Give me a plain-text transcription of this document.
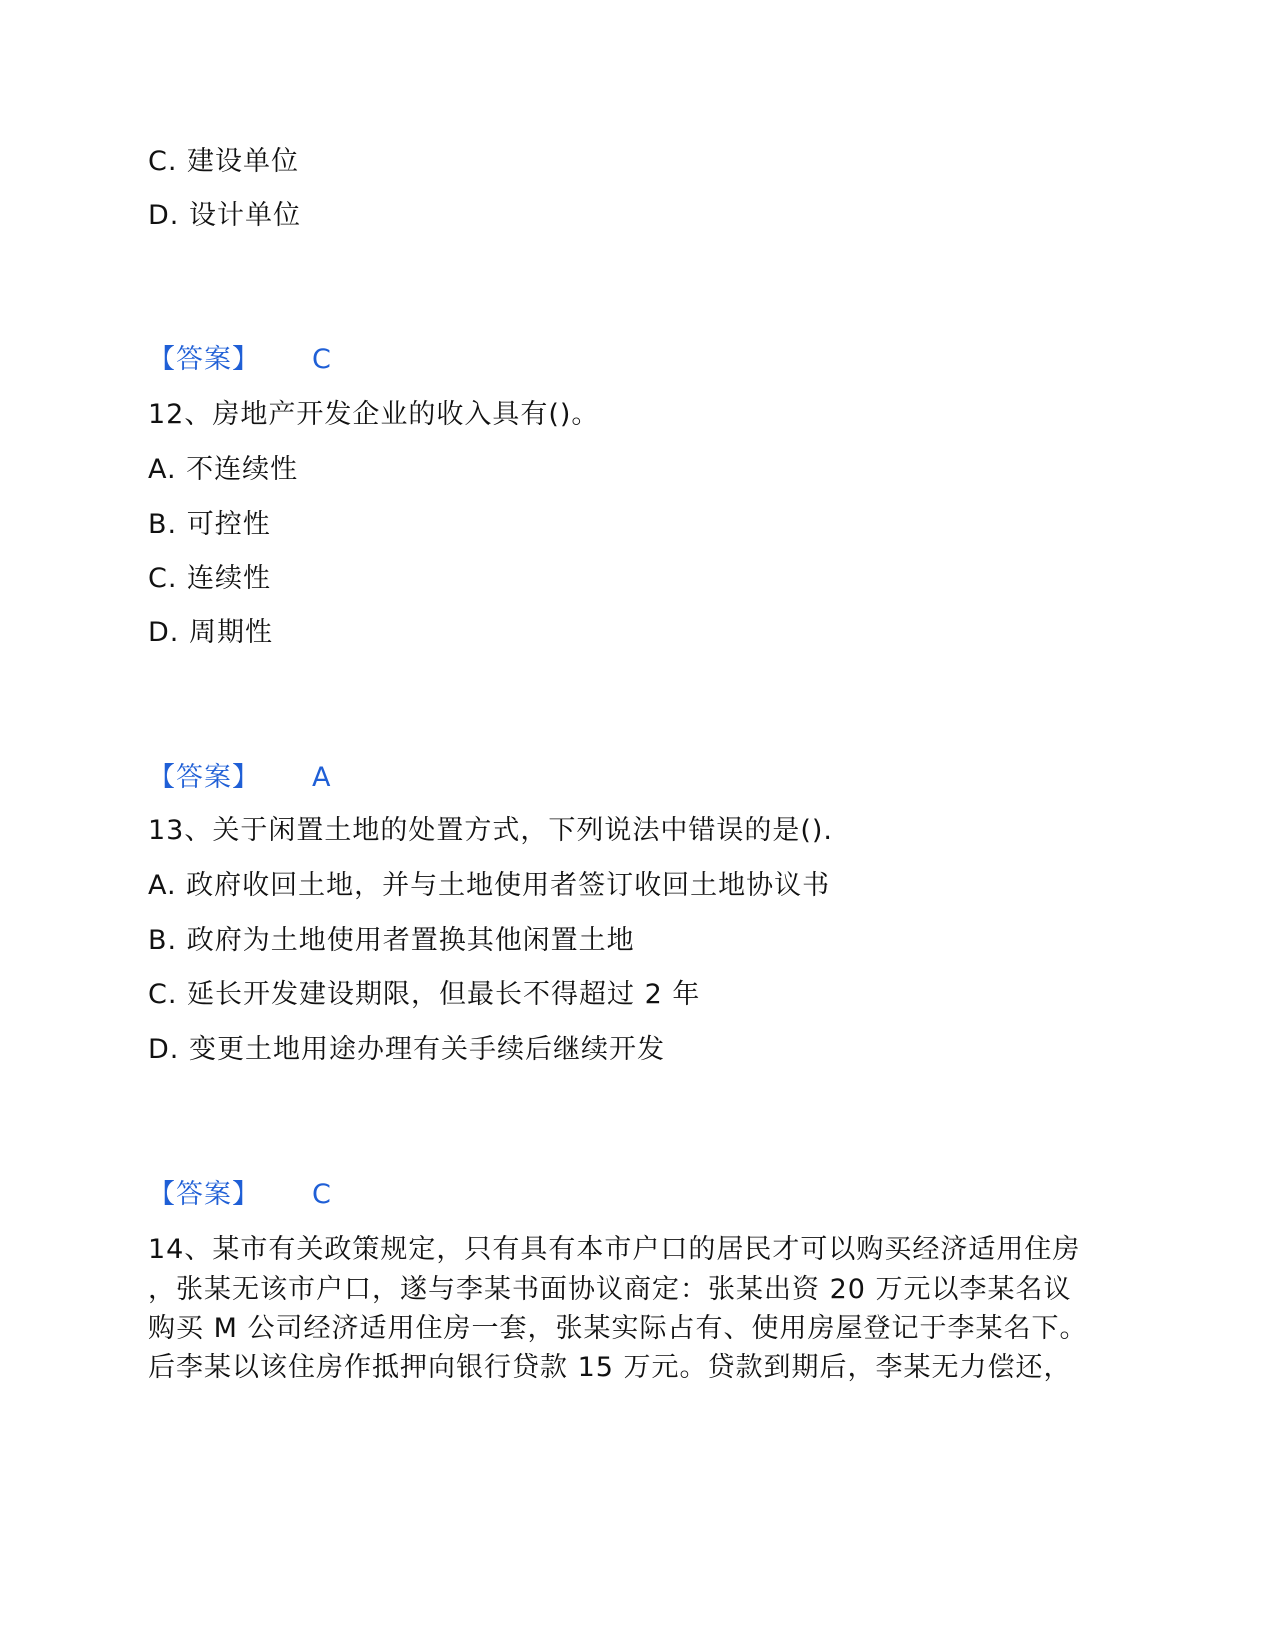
C. 建设单位
D. 设计单位
【答案】 C
12、房地产开发企业的收入具有()。
A. 不连续性
B. 可控性
C. 连续性
D. 周期性
【答案】 A
13、关于闲置土地的处置方式，下列说法中错误的是().
A. 政府收回土地，并与土地使用者签订收回土地协议书
B. 政府为土地使用者置换其他闲置土地
C. 延长开发建设期限，但最长不得超过 2 年
D. 变更土地用途办理有关手续后继续开发
【答案】 C
14、某市有关政策规定，只有具有本市户口的居民才可以购买经济适用住房
，张某无该市户口，遂与李某书面协议商定：张某出资 20 万元以李某名议
购买 M 公司经济适用住房一套，张某实际占有、使用房屋登记于李某名下。
后李某以该住房作抵押向银行贷款 15 万元。贷款到期后，李某无力偿还，
